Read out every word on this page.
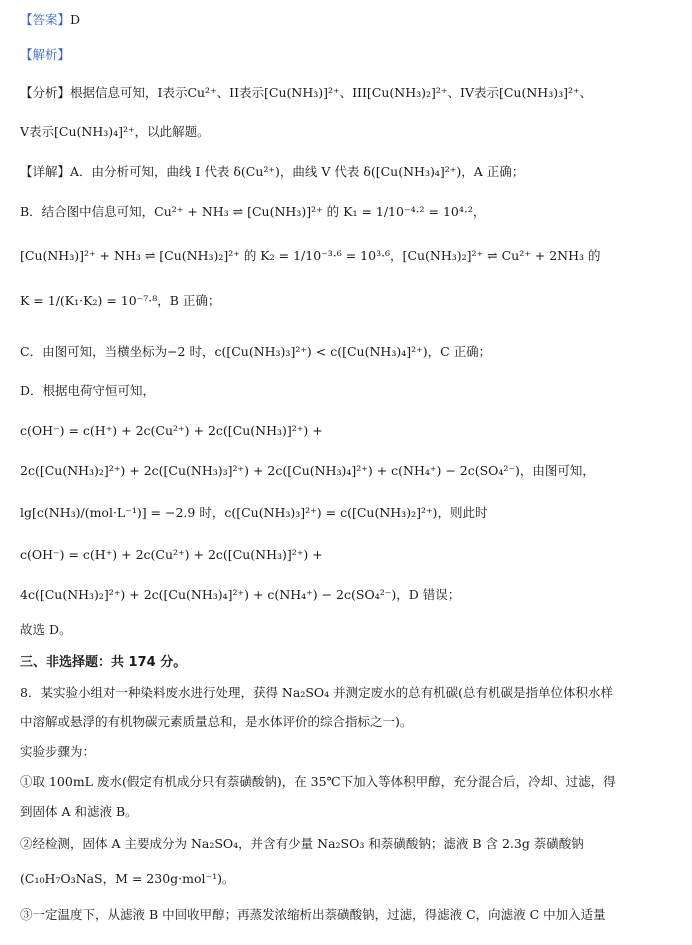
【答案】D
【解析】
【分析】根据信息可知，I表示Cu²⁺、II表示[Cu(NH₃)]²⁺、III[Cu(NH₃)₂]²⁺、IV表示[Cu(NH₃)₃]²⁺、
V表示[Cu(NH₃)₄]²⁺，以此解题。
【详解】A．由分析可知，曲线 I 代表 δ(Cu²⁺)，曲线 V 代表 δ([Cu(NH₃)₄]²⁺)，A 正确；
B．结合图中信息可知，Cu²⁺ + NH₃ ⇌ [Cu(NH₃)]²⁺ 的 K₁ = 1/10⁻⁴·² = 10⁴·²，
[Cu(NH₃)]²⁺ + NH₃ ⇌ [Cu(NH₃)₂]²⁺ 的 K₂ = 1/10⁻³·⁶ = 10³·⁶，[Cu(NH₃)₂]²⁺ ⇌ Cu²⁺ + 2NH₃ 的
K = 1/(K₁·K₂) = 10⁻⁷·⁸，B 正确；
C．由图可知，当横坐标为−2 时，c([Cu(NH₃)₃]²⁺) < c([Cu(NH₃)₄]²⁺)，C 正确；
D．根据电荷守恒可知，
c(OH⁻) = c(H⁺) + 2c(Cu²⁺) + 2c([Cu(NH₃)]²⁺) +
2c([Cu(NH₃)₂]²⁺) + 2c([Cu(NH₃)₃]²⁺) + 2c([Cu(NH₃)₄]²⁺) + c(NH₄⁺) − 2c(SO₄²⁻)，由图可知，
lg[c(NH₃)/(mol·L⁻¹)] = −2.9 时，c([Cu(NH₃)₃]²⁺) = c([Cu(NH₃)₂]²⁺)，则此时
c(OH⁻) = c(H⁺) + 2c(Cu²⁺) + 2c([Cu(NH₃)]²⁺) +
4c([Cu(NH₃)₂]²⁺) + 2c([Cu(NH₃)₄]²⁺) + c(NH₄⁺) − 2c(SO₄²⁻)，D 错误；
故选 D。
三、非选择题：共 174 分。
8．某实验小组对一种染料废水进行处理，获得 Na₂SO₄ 并测定废水的总有机碳(总有机碳是指单位体积水样
中溶解或悬浮的有机物碳元素质量总和，是水体评价的综合指标之一)。
实验步骤为：
①取 100mL 废水(假定有机成分只有萘磺酸钠)，在 35℃下加入等体积甲醇，充分混合后，冷却、过滤，得
到固体 A 和滤液 B。
②经检测，固体 A 主要成分为 Na₂SO₄，并含有少量 Na₂SO₃ 和萘磺酸钠；滤液 B 含 2.3g 萘磺酸钠
(C₁₀H₇O₃NaS，M = 230g·mol⁻¹)。
③一定温度下，从滤液 B 中回收甲醇；再蒸发浓缩析出萘磺酸钠，过滤，得滤液 C，向滤液 C 中加入适量
